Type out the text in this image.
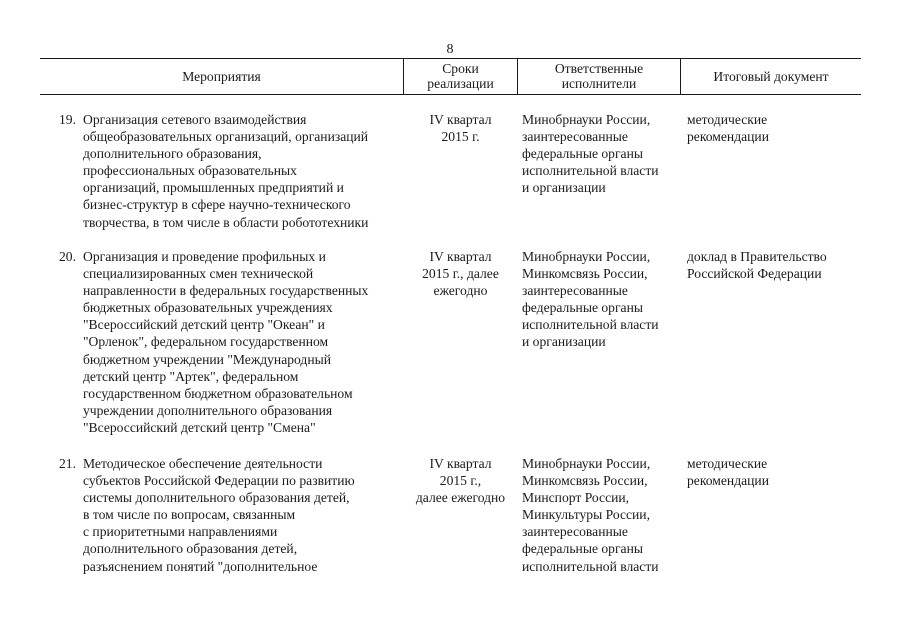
8
Мероприятия	Сроки
реализации
Ответственные
исполнители	Итоговый документ
19. Организация сетевого взаимодействия
общеобразовательных организаций, организаций
дополнительного образования,
профессиональных образовательных
организаций, промышленных предприятий и
бизнес-структур в сфере научно-технического
творчества, в том числе в области робототехники
IV квартал
2015 г.
Минобрнауки России,
заинтересованные
федеральные органы
исполнительной власти
и организации
методические
рекомендации
20. Организация и проведение профильных и
специализированных смен технической
направленности в федеральных государственных
бюджетных образовательных учреждениях
"Всероссийский детский центр "Океан" и
"Орленок", федеральном государственном
бюджетном учреждении "Международный
детский центр "Артек", федеральном
государственном бюджетном образовательном
учреждении дополнительного образования
"Всероссийский детский центр "Смена"
IV квартал
2015 г., далее
ежегодно
Минобрнауки России,
Минкомсвязь России,
заинтересованные
федеральные органы
исполнительной власти
и организации
доклад в Правительство
Российской Федерации
21. Методическое обеспечение деятельности
субъектов Российской Федерации по развитию
системы дополнительного образования детей,
в том числе по вопросам, связанным
с приоритетными направлениями
дополнительного образования детей,
разъяснением понятий "дополнительное
IV квартал
2015 г.,
далее ежегодно
Минобрнауки России,
Минкомсвязь России,
Минспорт России,
Минкультуры России,
заинтересованные
федеральные органы
исполнительной власти
методические
рекомендации
